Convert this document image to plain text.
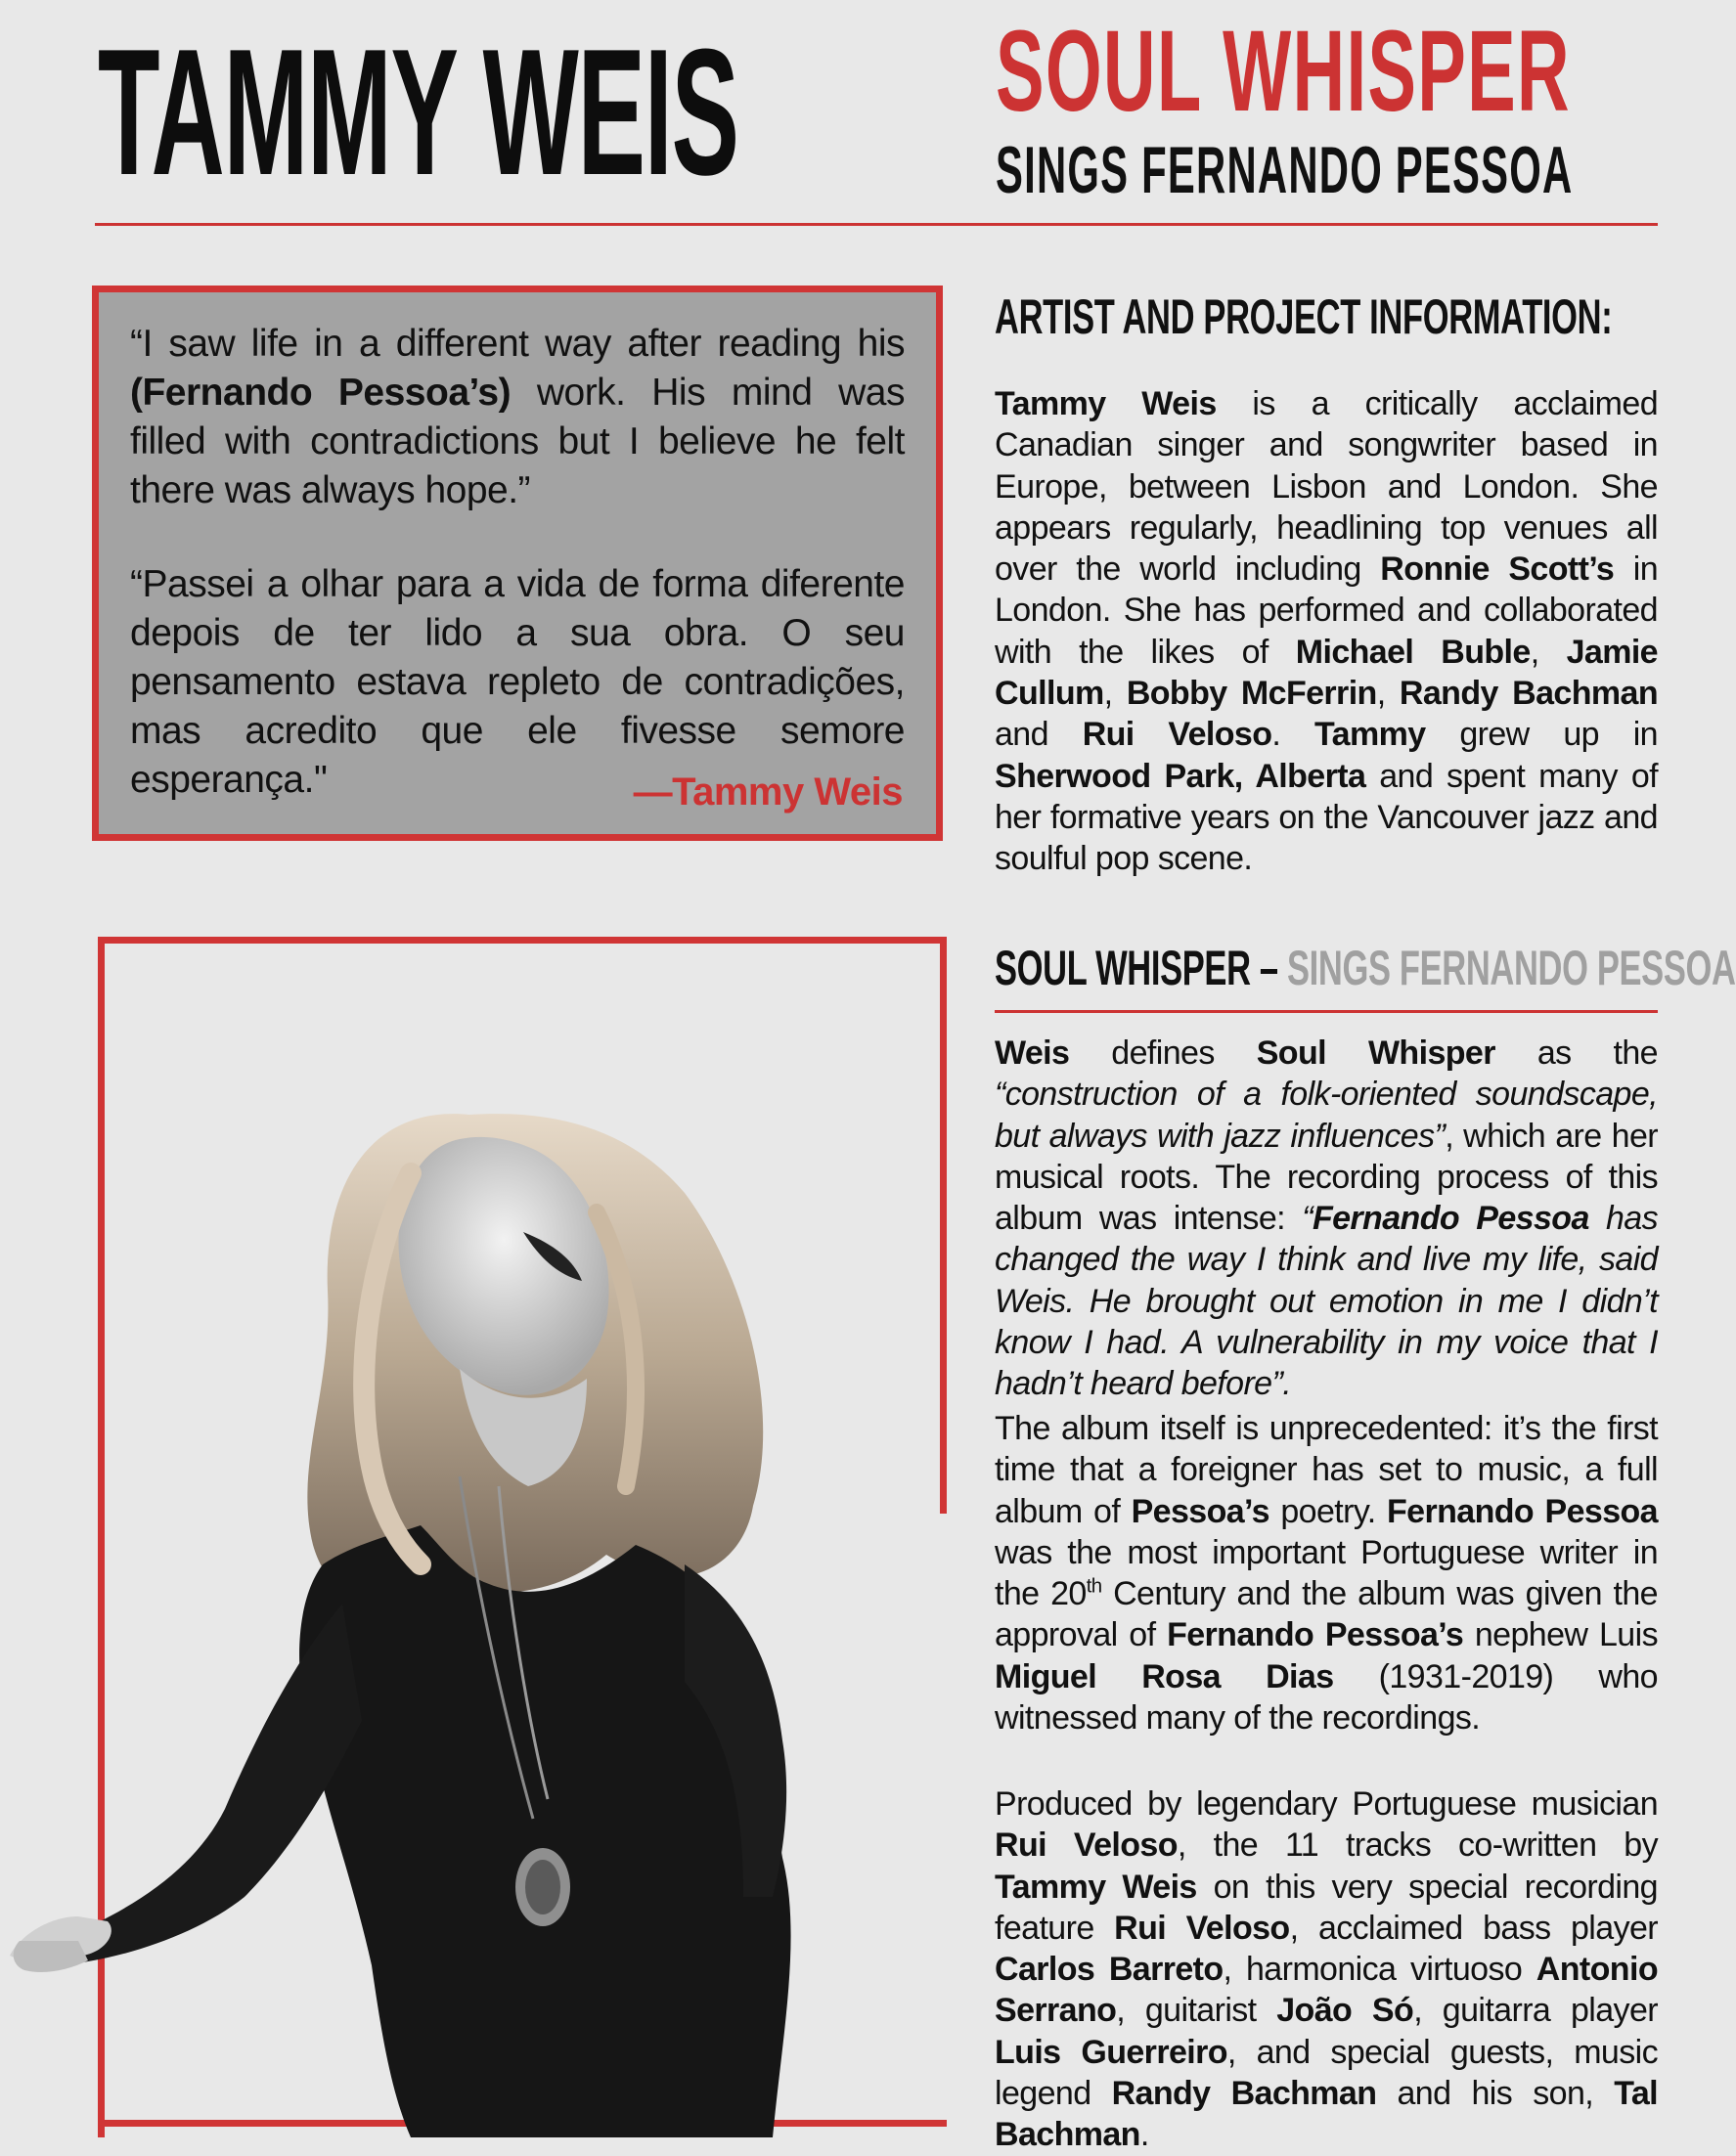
TAMMY WEIS SOUL WHISPER
SINGS FERNANDO PESSOA

“I saw life in a different way after reading his (Fernando Pessoa’s) work. His mind was filled with contradictions but I believe he felt there was always hope.”

“Passei a olhar para a vida de forma diferente depois de ter lido a sua obra. O seu pensamento estava repleto de contradições, mas acredito que ele fivesse semore esperança."	—Tammy Weis
ARTIST AND PROJECT INFORMATION:

Tammy Weis is a critically acclaimed Canadian singer and songwriter based in Europe, between Lisbon and London. She appears regularly, headlining top venues all over the world including Ronnie Scott’s in London. She has performed and collaborated with the likes of Michael Buble, Jamie Cullum, Bobby McFerrin, Randy Bachman and Rui Veloso. Tammy grew up in Sherwood Park, Alberta and spent many of her formative years on the Vancouver jazz and soulful pop scene.

SOUL WHISPER – SINGS FERNANDO PESSOA

Weis defines Soul Whisper as the “construction of a folk-oriented soundscape, but always with jazz influences”, which are her musical roots. The recording process of this album was intense: “Fernando Pessoa has changed the way I think and live my life, said Weis. He brought out emotion in me I didn’t know I had. A vulnerability in my voice that I hadn’t heard before”.

The album itself is unprecedented: it’s the first time that a foreigner has set to music, a full album of Pessoa’s poetry. Fernando Pessoa was the most important Portuguese writer in the 20th Century and the album was given the approval of Fernando Pessoa’s nephew Luis Miguel Rosa Dias (1931-2019) who witnessed many of the recordings.

Produced by legendary Portuguese musician Rui Veloso, the 11 tracks co-written by Tammy Weis on this very special recording feature Rui Veloso, acclaimed bass player Carlos Barreto, harmonica virtuoso Antonio Serrano, guitarist João Só, guitarra player Luis Guerreiro, and special guests, music legend Randy Bachman and his son, Tal Bachman.
